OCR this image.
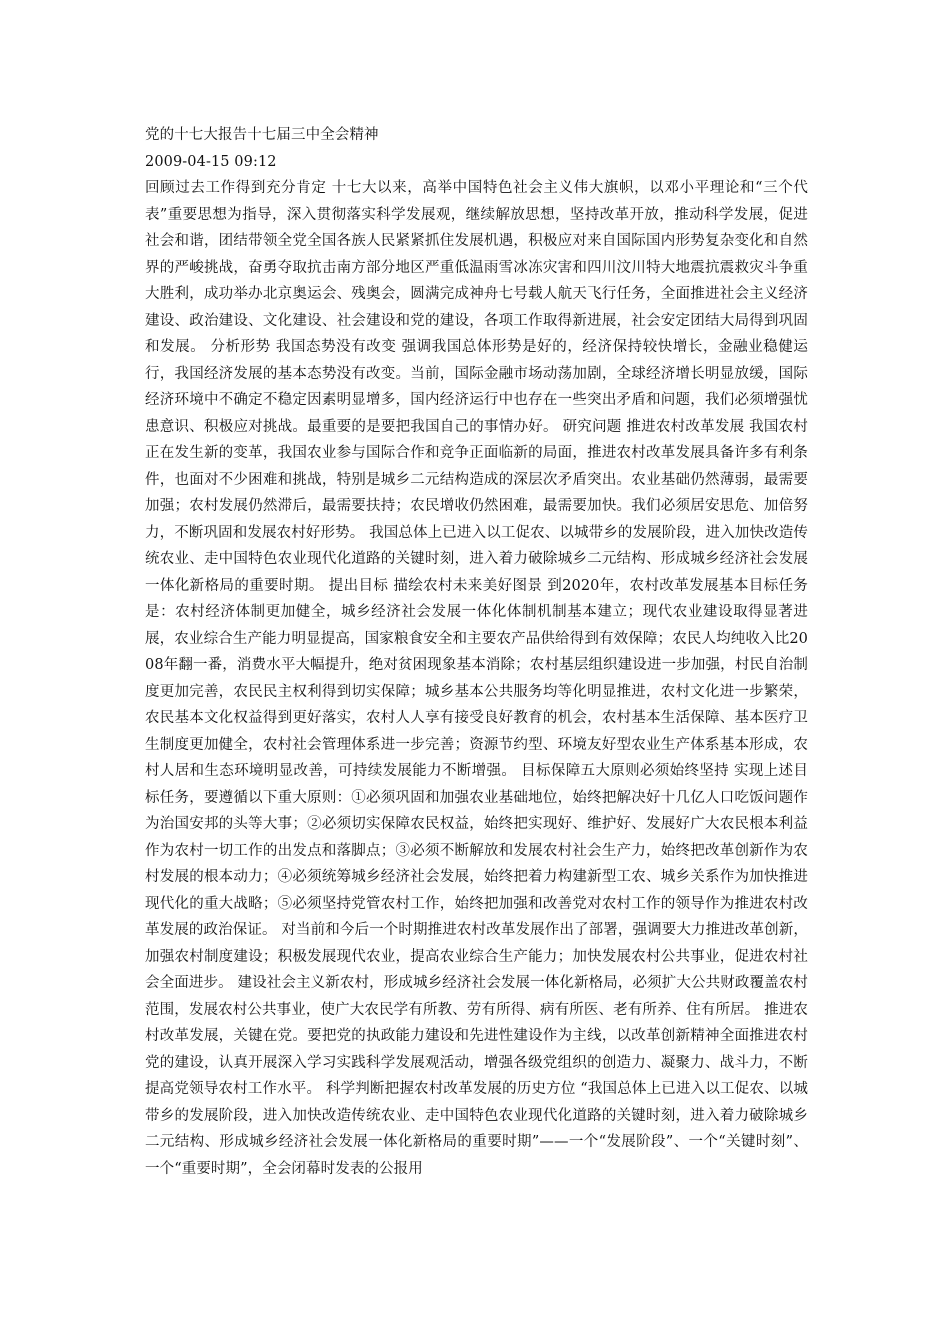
党的十七大报告十七届三中全会精神
2009-04-15 09:12
回顾过去工作得到充分肯定 十七大以来，高举中国特色社会主义伟大旗帜，以邓小平理论和“三个代表”重要思想为指导，深入贯彻落实科学发展观，继续解放思想，坚持改革开放，推动科学发展，促进社会和谐，团结带领全党全国各族人民紧紧抓住发展机遇，积极应对来自国际国内形势复杂变化和自然界的严峻挑战，奋勇夺取抗击南方部分地区严重低温雨雪冰冻灾害和四川汶川特大地震抗震救灾斗争重大胜利，成功举办北京奥运会、残奥会，圆满完成神舟七号载人航天飞行任务，全面推进社会主义经济建设、政治建设、文化建设、社会建设和党的建设，各项工作取得新进展，社会安定团结大局得到巩固和发展。 分析形势 我国态势没有改变 强调我国总体形势是好的，经济保持较快增长，金融业稳健运行，我国经济发展的基本态势没有改变。当前，国际金融市场动荡加剧，全球经济增长明显放缓，国际经济环境中不确定不稳定因素明显增多，国内经济运行中也存在一些突出矛盾和问题，我们必须增强忧患意识、积极应对挑战。最重要的是要把我国自己的事情办好。 研究问题 推进农村改革发展 我国农村正在发生新的变革，我国农业参与国际合作和竞争正面临新的局面，推进农村改革发展具备许多有利条件，也面对不少困难和挑战，特别是城乡二元结构造成的深层次矛盾突出。农业基础仍然薄弱，最需要加强；农村发展仍然滞后，最需要扶持；农民增收仍然困难，最需要加快。我们必须居安思危、加倍努力，不断巩固和发展农村好形势。 我国总体上已进入以工促农、以城带乡的发展阶段，进入加快改造传统农业、走中国特色农业现代化道路的关键时刻，进入着力破除城乡二元结构、形成城乡经济社会发展一体化新格局的重要时期。 提出目标 描绘农村未来美好图景 到2020年，农村改革发展基本目标任务是：农村经济体制更加健全，城乡经济社会发展一体化体制机制基本建立；现代农业建设取得显著进展，农业综合生产能力明显提高，国家粮食安全和主要农产品供给得到有效保障；农民人均纯收入比2008年翻一番，消费水平大幅提升，绝对贫困现象基本消除；农村基层组织建设进一步加强，村民自治制度更加完善，农民民主权利得到切实保障；城乡基本公共服务均等化明显推进，农村文化进一步繁荣，农民基本文化权益得到更好落实，农村人人享有接受良好教育的机会，农村基本生活保障、基本医疗卫生制度更加健全，农村社会管理体系进一步完善；资源节约型、环境友好型农业生产体系基本形成，农村人居和生态环境明显改善，可持续发展能力不断增强。 目标保障五大原则必须始终坚持 实现上述目标任务，要遵循以下重大原则：①必须巩固和加强农业基础地位，始终把解决好十几亿人口吃饭问题作为治国安邦的头等大事；②必须切实保障农民权益，始终把实现好、维护好、发展好广大农民根本利益作为农村一切工作的出发点和落脚点；③必须不断解放和发展农村社会生产力，始终把改革创新作为农村发展的根本动力；④必须统筹城乡经济社会发展，始终把着力构建新型工农、城乡关系作为加快推进现代化的重大战略；⑤必须坚持党管农村工作，始终把加强和改善党对农村工作的领导作为推进农村改革发展的政治保证。 对当前和今后一个时期推进农村改革发展作出了部署，强调要大力推进改革创新，加强农村制度建设；积极发展现代农业，提高农业综合生产能力；加快发展农村公共事业，促进农村社会全面进步。 建设社会主义新农村，形成城乡经济社会发展一体化新格局，必须扩大公共财政覆盖农村范围，发展农村公共事业，使广大农民学有所教、劳有所得、病有所医、老有所养、住有所居。 推进农村改革发展，关键在党。要把党的执政能力建设和先进性建设作为主线，以改革创新精神全面推进农村党的建设，认真开展深入学习实践科学发展观活动，增强各级党组织的创造力、凝聚力、战斗力，不断提高党领导农村工作水平。 科学判断把握农村改革发展的历史方位 “我国总体上已进入以工促农、以城带乡的发展阶段，进入加快改造传统农业、走中国特色农业现代化道路的关键时刻，进入着力破除城乡二元结构、形成城乡经济社会发展一体化新格局的重要时期”——一个“发展阶段”、一个“关键时刻”、一个“重要时期”，全会闭幕时发表的公报用
